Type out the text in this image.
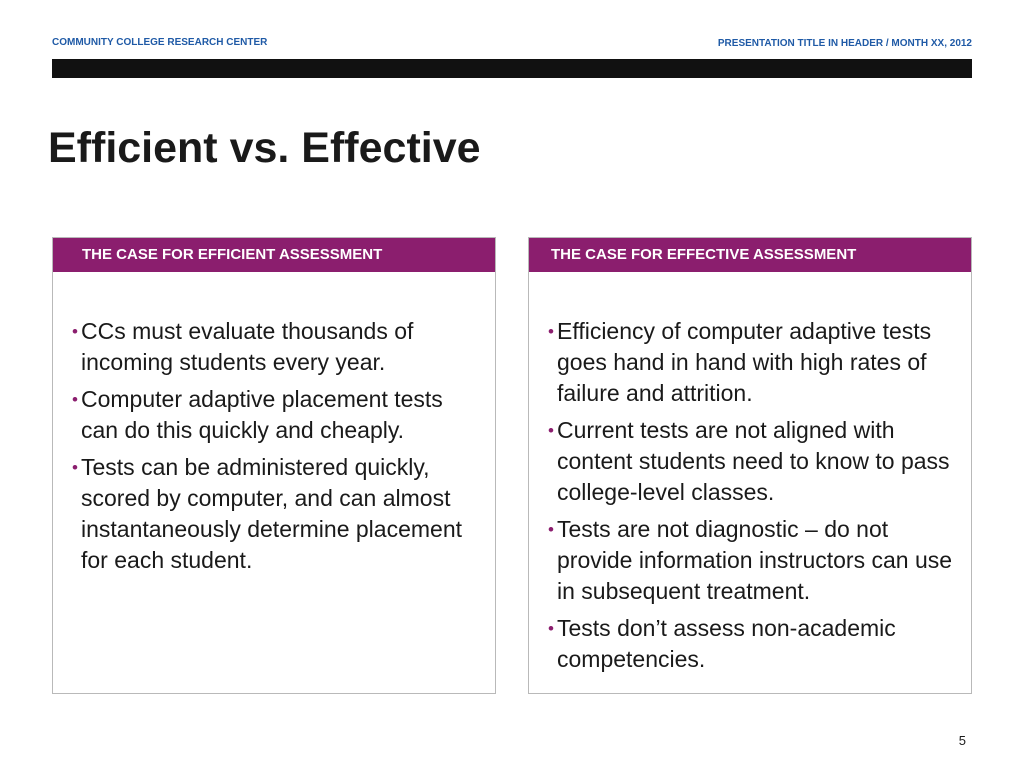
COMMUNITY COLLEGE RESEARCH CENTER	PRESENTATION TITLE IN HEADER / MONTH XX, 2012
Efficient vs. Effective
THE CASE FOR EFFICIENT ASSESSMENT
• CCs must evaluate thousands of incoming students every year.
• Computer adaptive placement tests can do this quickly and cheaply.
• Tests can be administered quickly, scored by computer, and can almost instantaneously determine placement for each student.
THE CASE FOR EFFECTIVE ASSESSMENT
• Efficiency of computer adaptive tests goes hand in hand with high rates of failure and attrition.
• Current tests are not aligned with content students need to know to pass college-level classes.
• Tests are not diagnostic – do not provide information instructors can use in subsequent treatment.
• Tests don’t assess non-academic competencies.
5
